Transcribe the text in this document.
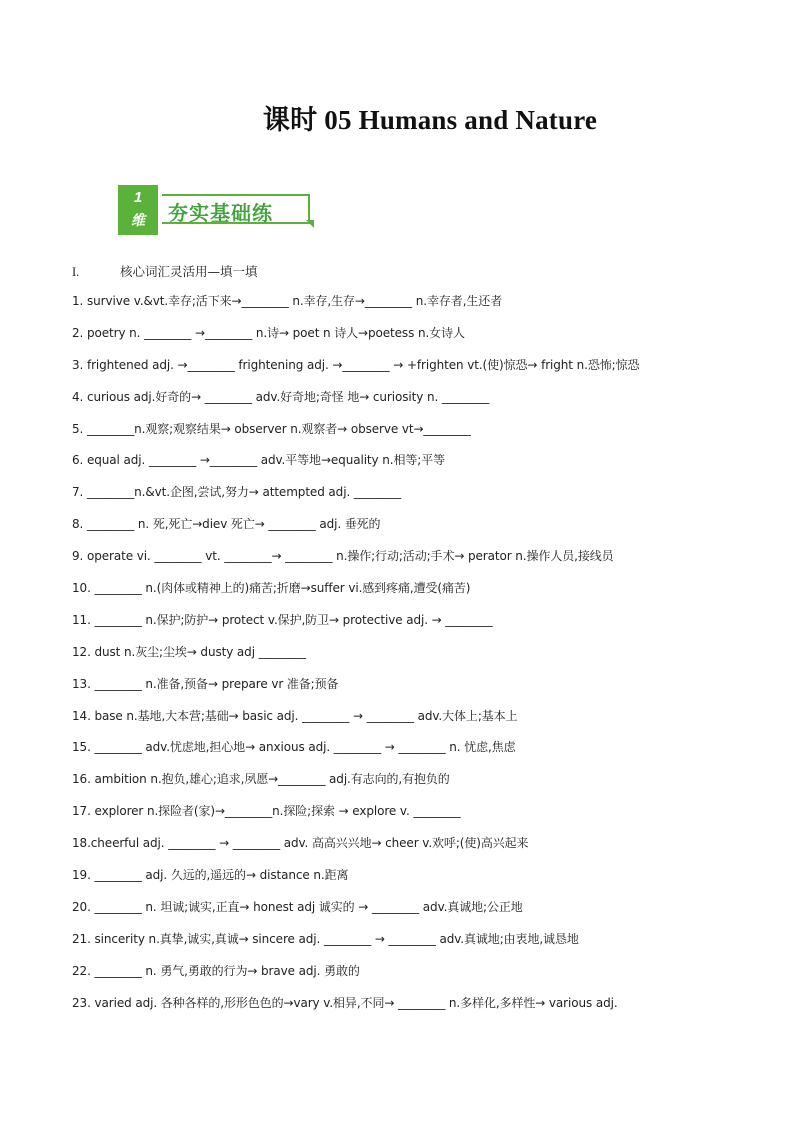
课时 05 Humans and Nature
1
维	夯实基础练
I.	核心词汇灵活用—填一填
1. survive v.&vt.幸存;活下来→________ n.幸存,生存→________ n.幸存者,生还者
2. poetry n. ________ →________ n.诗→ poet n 诗人→poetess n.女诗人
3. frightened adj. →________ frightening adj. →________ → +frighten vt.(使)惊恐→ fright n.恐怖;惊恐
4. curious adj.好奇的→ ________ adv.好奇地;奇怪 地→ curiosity n. ________
5. ________n.观察;观察结果→ observer n.观察者→ observe vt→________
6. equal adj. ________ →________ adv.平等地→equality n.相等;平等
7. ________n.&vt.企图,尝试,努力→ attempted adj. ________
8. ________ n. 死,死亡→diev 死亡→ ________ adj. 垂死的
9. operate vi. ________ vt. ________→ ________ n.操作;行动;活动;手术→ perator n.操作人员,接线员
10. ________ n.(肉体或精神上的)痛苦;折磨→suffer vi.感到疼痛,遭受(痛苦)
11. ________ n.保护;防护→ protect v.保护,防卫→ protective adj. → ________
12. dust n.灰尘;尘埃→ dusty adj ________
13. ________ n.准备,预备→ prepare vr 准备;预备
14. base n.基地,大本营;基础→ basic adj. ________ → ________ adv.大体上;基本上
15. ________ adv.忧虑地,担心地→ anxious adj. ________ → ________ n. 忧虑,焦虑
16. ambition n.抱负,雄心;追求,夙愿→________ adj.有志向的,有抱负的
17. explorer n.探险者(家)→________n.探险;探索 → explore v. ________
18.cheerful adj. ________ → ________ adv. 高高兴兴地→ cheer v.欢呼;(使)高兴起来
19. ________ adj. 久远的,遥远的→ distance n.距离
20. ________ n. 坦诚;诚实,正直→ honest adj 诚实的 → ________ adv.真诚地;公正地
21. sincerity n.真挚,诚实,真诚→ sincere adj. ________ → ________ adv.真诚地;由衷地,诚恳地
22. ________ n. 勇气,勇敢的行为→ brave adj. 勇敢的
23. varied adj. 各种各样的,形形色色的→vary v.相异,不同→ ________ n.多样化,多样性→ various adj.
